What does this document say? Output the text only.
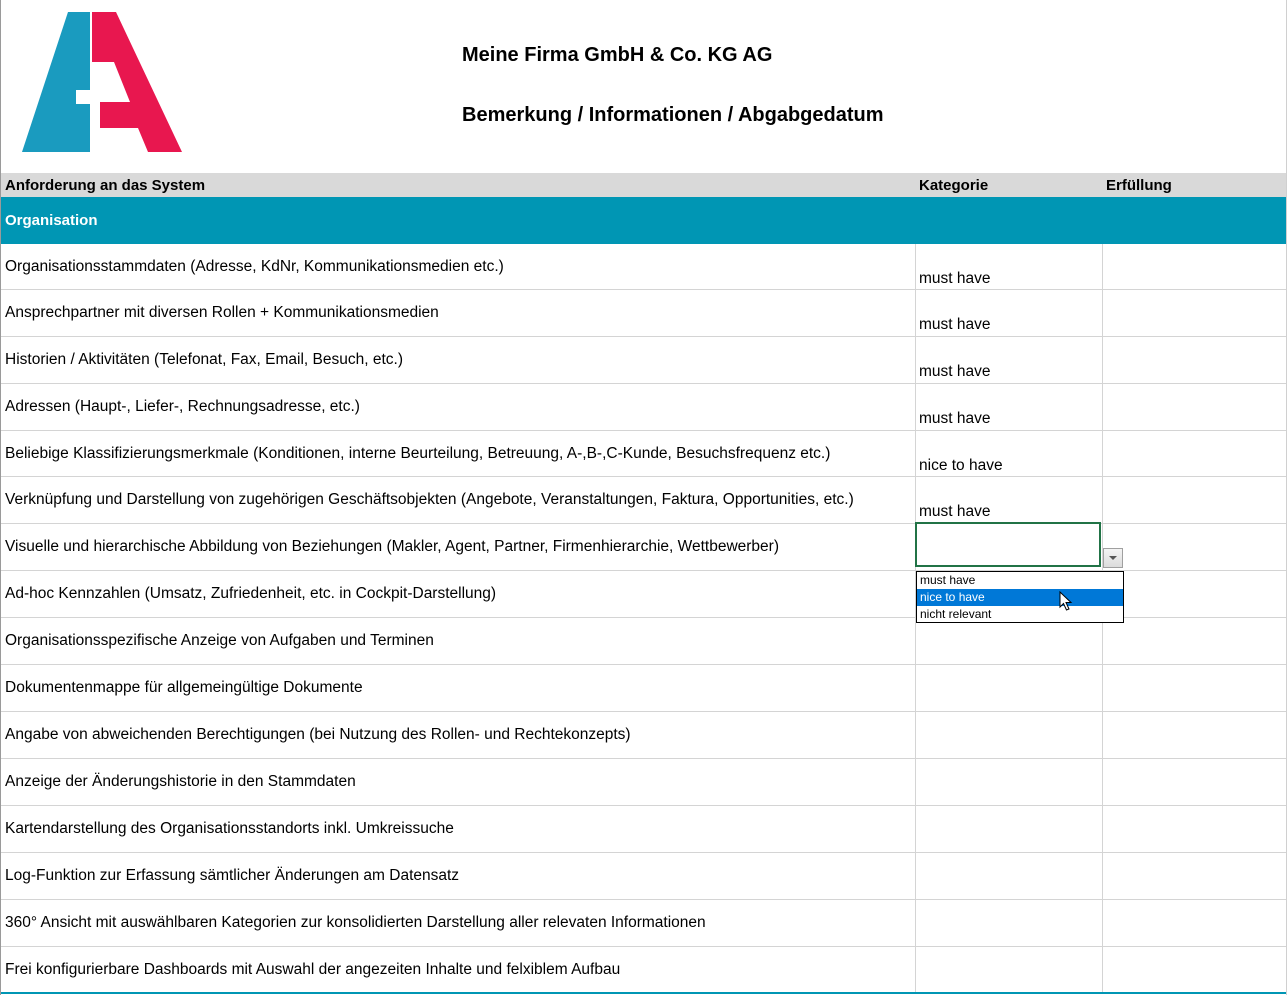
Meine Firma GmbH & Co. KG AG
Bemerkung / Informationen / Abgabgedatum
Anforderung an das System	Kategorie	Erfüllung
Organisation
Organisationsstammdaten (Adresse, KdNr, Kommunikationsmedien etc.)
must have
Ansprechpartner mit diversen Rollen + Kommunikationsmedien
must have
Historien / Aktivitäten (Telefonat, Fax, Email, Besuch, etc.)
must have
Adressen (Haupt-, Liefer-, Rechnungsadresse, etc.)
must have
Beliebige Klassifizierungsmerkmale (Konditionen, interne Beurteilung, Betreuung, A-,B-,C-Kunde, Besuchsfrequenz etc.)
nice to have
Verknüpfung und Darstellung von zugehörigen Geschäftsobjekten (Angebote, Veranstaltungen, Faktura, Opportunities, etc.)
must have
Visuelle und hierarchische Abbildung von Beziehungen (Makler, Agent, Partner, Firmenhierarchie, Wettbewerber)
Ad-hoc Kennzahlen (Umsatz, Zufriedenheit, etc. in Cockpit-Darstellung)
Organisationsspezifische Anzeige von Aufgaben und Terminen
Dokumentenmappe für allgemeingültige Dokumente
Angabe von abweichenden Berechtigungen (bei Nutzung des Rollen- und Rechtekonzepts)
Anzeige der Änderungshistorie in den Stammdaten
Kartendarstellung des Organisationsstandorts inkl. Umkreissuche
Log-Funktion zur Erfassung sämtlicher Änderungen am Datensatz
360° Ansicht mit auswählbaren Kategorien zur konsolidierten Darstellung aller relevaten Informationen
Frei konfigurierbare Dashboards mit Auswahl der angezeiten Inhalte und felxiblem Aufbau
must have
nice to have
nicht relevant
